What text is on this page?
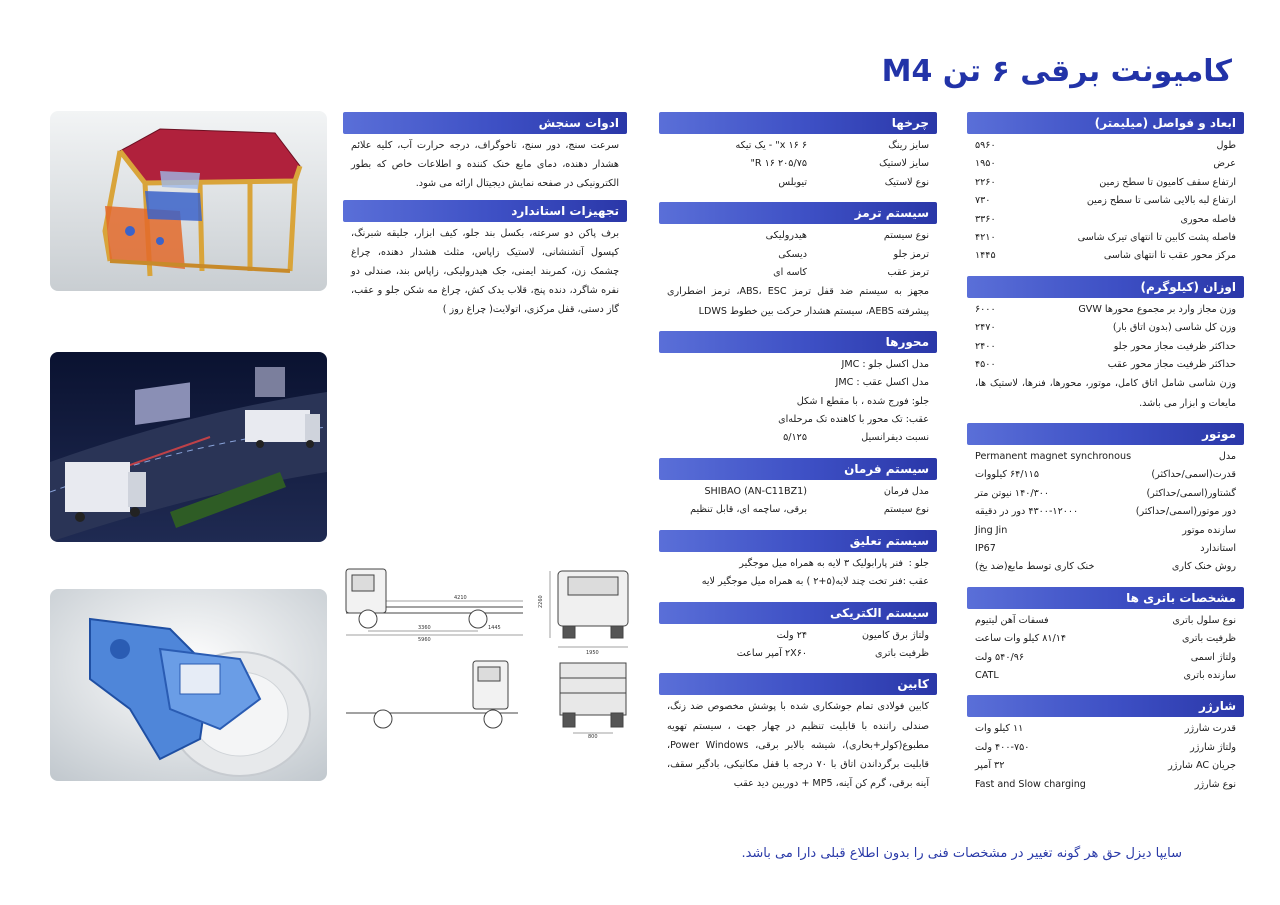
کامیونت برقی ۶ تن M4
ابعاد و فواصل (میلیمتر)
طول
۵۹۶۰
عرض
۱۹۵۰
ارتفاع سقف کامیون تا سطح زمین
۲۲۶۰
ارتفاع لبه بالایی شاسی تا سطح زمین
۷۳۰
فاصله محوری
۳۳۶۰
فاصله پشت کابین تا انتهای تیرک شاسی
۴۲۱۰
مرکز محور عقب تا انتهای شاسی
۱۴۴۵
اوزان (کیلوگرم)
وزن مجاز وارد بر مجموع محورها GVW
۶۰۰۰
وزن کل شاسی (بدون اتاق بار)
۲۴۷۰
حداکثر ظرفیت مجاز محور جلو
۲۴۰۰
حداکثر ظرفیت مجاز محور عقب
۴۵۰۰
وزن شاسی شامل اتاق کامل، موتور، محورها، فنرها، لاستیک ها، مایعات و ابزار می باشد.
موتور
مدل
Permanent magnet synchronous
قدرت(اسمی/حداکثر)
۶۴/۱۱۵ کیلووات
گشتاور(اسمی/حداکثر)
۱۴۰/۳۰۰ نیوتن متر
دور موتور(اسمی/حداکثر)
۴۳۰۰-۱۲۰۰۰ دور در دقیقه
سازنده موتور
Jing Jin
استاندارد
IP67
روش خنک کاری
خنک کاری توسط مایع(ضد یخ)
مشخصات باتری ها
نوع سلول باتری
فسفات آهن لیتیوم
ظرفیت باتری
۸۱/۱۴ کیلو وات ساعت
ولتاژ اسمی
۵۴۰/۹۶ ولت
سازنده باتری
CATL
شارژر
قدرت شارژر
۱۱ کیلو وات
ولتاژ شارژر
۴۰۰-۷۵۰ ولت
جریان AC شارژر
۳۲ آمپر
نوع شارژر
Fast and Slow charging
چرخها
سایز رینگ
۶ x ۱۶" - یک تیکه
سایز لاستیک
۲۰۵/۷۵ R ۱۶"
نوع لاستیک
تیوبلس
سیستم ترمز
نوع سیستم
هیدرولیکی
ترمز جلو
دیسکی
ترمز عقب
کاسه ای
مجهز به سیستم ضد قفل ترمز ABS، ESC، ترمز اضطراری پیشرفته AEBS، سیستم هشدار حرکت بین خطوط LDWS
محورها
مدل اکسل جلو : JMC
مدل اکسل عقب : JMC
جلو: فورج شده ، با مقطع I شکل
عقب: تک محور با کاهنده تک مرحله‌ای
نسبت دیفرانسیل
۵/۱۲۵
سیستم فرمان
مدل فرمان
SHIBAO (AN-C11BZ1)
نوع سیستم
برقی، سا‌چمه ای، قابل تنظیم
سیستم تعلیق
جلو :
فنر پارابولیک ۳ لایه به همراه میل موجگیر
عقب :
فنر تخت چند لایه(۵+۲ ) به همراه میل موجگیر لایه
سیستم الکتریکی
ولتاژ برق کامیون
۲۴ ولت
ظرفیت باتری
۲X۶۰ آمپر ساعت
کابین
کابین فولادی تمام جوشکاری شده با پوشش مخصوص ضد زنگ، صندلی راننده با قابلیت تنظیم در چهار جهت ، سیستم تهویه مطبوع(کولر+بخاری)، شیشه بالابر برقی، Power Windows، قابلیت برگرداندن اتاق با ۷۰ درجه با قفل مکانیکی، بادگیر سقف، آینه برقی، گرم کن آینه، MP5 + دوربین دید عقب
ادوات سنجش
سرعت سنج، دور سنج، تاخوگراف، درجه حرارت آب، کلیه علائم هشدار دهنده، دمای مایع خنک کننده و اطلاعات خاص که بطور الکترونیکی در صفحه نمایش دیجیتال ارائه می شود.
تجهیزات استاندارد
برف پاکن دو سرعته، بکسل بند جلو، کیف ابزار، جلیقه شبرنگ، کپسول آتشنشانی، لاستیک زاپاس، مثلث هشدار دهنده، چراغ چشمک زن، کمربند ایمنی، جک هیدرولیکی، زاپاس بند، صندلی دو نفره شاگرد، دنده پنج، قلاب یدک کش، چراغ مه شکن جلو و عقب، گاز دستی، قفل مرکزی، اتولایت( چراغ روز )
4210
3360	1445
5960
2260
1950
800
سایپا دیزل حق هر گونه تغییر در مشخصات فنی را بدون اطلاع قبلی دارا می باشد.
